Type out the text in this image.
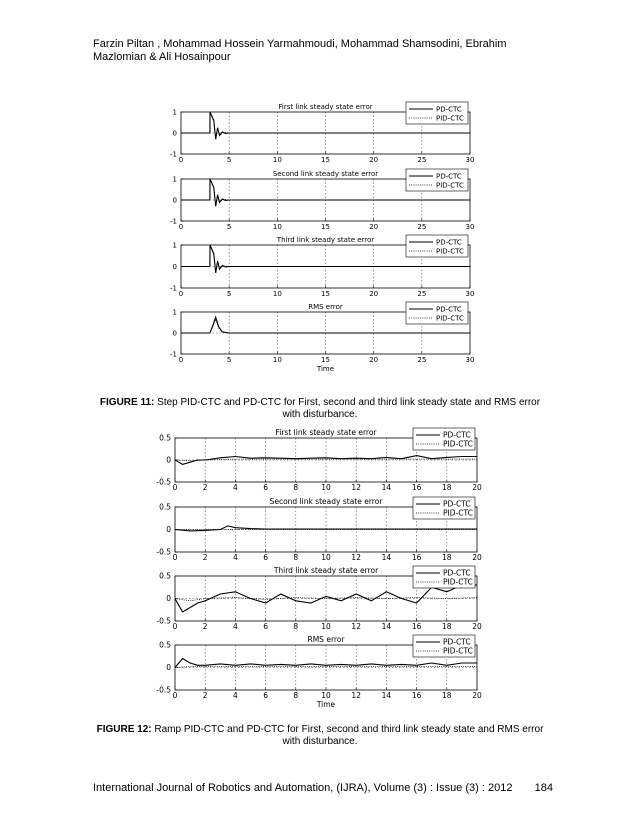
Farzin Piltan , Mohammad Hossein Yarmahmoudi, Mohammad Shamsodini, Ebrahim Mazlomian & Ali Hosainpour
0	5	10	15	20	25	30
-1
0
1
First link steady state error	PD-CTC
PID-CTC
0	5	10	15	20	25	30
-1
0
1
Second link steady state error	PD-CTC
PID-CTC
0	5	10	15	20	25	30
-1
0
1
Third link steady state error	PD-CTC
PID-CTC
0	5	10	15	20	25	30
-1
0
1
RMS error	PD-CTC
PID-CTC
Time
FIGURE 11: Step PID-CTC and PD-CTC for First, second and third link steady state and RMS error with disturbance.
0	2	4	6	8	10	12	14	16	18	20
-0.5
0
0.5
First link steady state error	PD-CTC
PID-CTC
0	2	4	6	8	10	12	14	16	18	20
-0.5
0
0.5
Second link steady state error	PD-CTC
PID-CTC
0	2	4	6	8	10	12	14	16	18	20
-0.5
0
0.5
Third link steady state error	PD-CTC
PID-CTC
0	2	4	6	8	10	12	14	16	18	20
-0.5
0
0.5
RMS error	PD-CTC
PID-CTC
Time
FIGURE 12: Ramp PID-CTC and PD-CTC for First, second and third link steady state and RMS error with disturbance.
International Journal of Robotics and Automation, (IJRA), Volume (3) : Issue (3) : 2012 184
